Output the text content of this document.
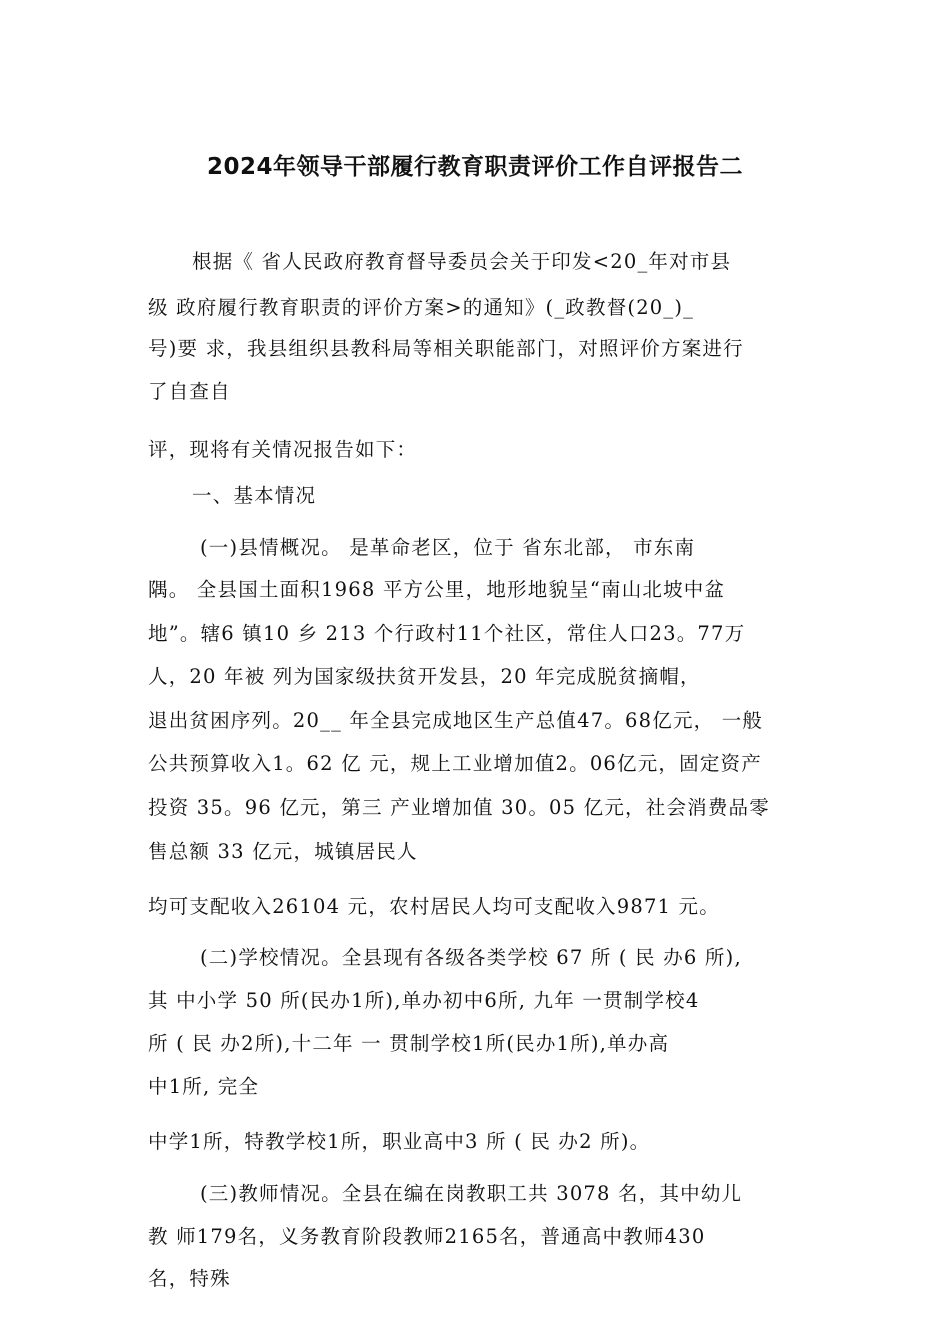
2024年领导干部履行教育职责评价工作自评报告二
根据《 省人民政府教育督导委员会关于印发<20_年对市县
级 政府履行教育职责的评价方案>的通知》(_政教督(20_)_
号)要 求，我县组织县教科局等相关职能部门，对照评价方案进行
了自查自
评，现将有关情况报告如下：
一、基本情况
(一)县情概况。 是革命老区，位于 省东北部， 市东南
隅。 全县国土面积1968 平方公里，地形地貌呈“南山北坡中盆
地”。辖6 镇10 乡 213 个行政村11个社区，常住人口23。77万
人，20 年被 列为国家级扶贫开发县，20 年完成脱贫摘帽，
退出贫困序列。20__ 年全县完成地区生产总值47。68亿元， 一般
公共预算收入1。62 亿 元，规上工业增加值2。06亿元，固定资产
投资 35。96 亿元，第三 产业增加值 30。05 亿元，社会消费品零
售总额 33 亿元，城镇居民人
均可支配收入26104 元，农村居民人均可支配收入9871 元。
(二)学校情况。全县现有各级各类学校 67 所 ( 民 办6 所),
其 中小学 50 所(民办1所),单办初中6所, 九年 一贯制学校4
所 ( 民 办2所),十二年 一 贯制学校1所(民办1所),单办高
中1所, 完全
中学1所，特教学校1所，职业高中3 所 ( 民 办2 所)。
(三)教师情况。全县在编在岗教职工共 3078 名，其中幼儿
教 师179名，义务教育阶段教师2165名，普通高中教师430
名，特殊
